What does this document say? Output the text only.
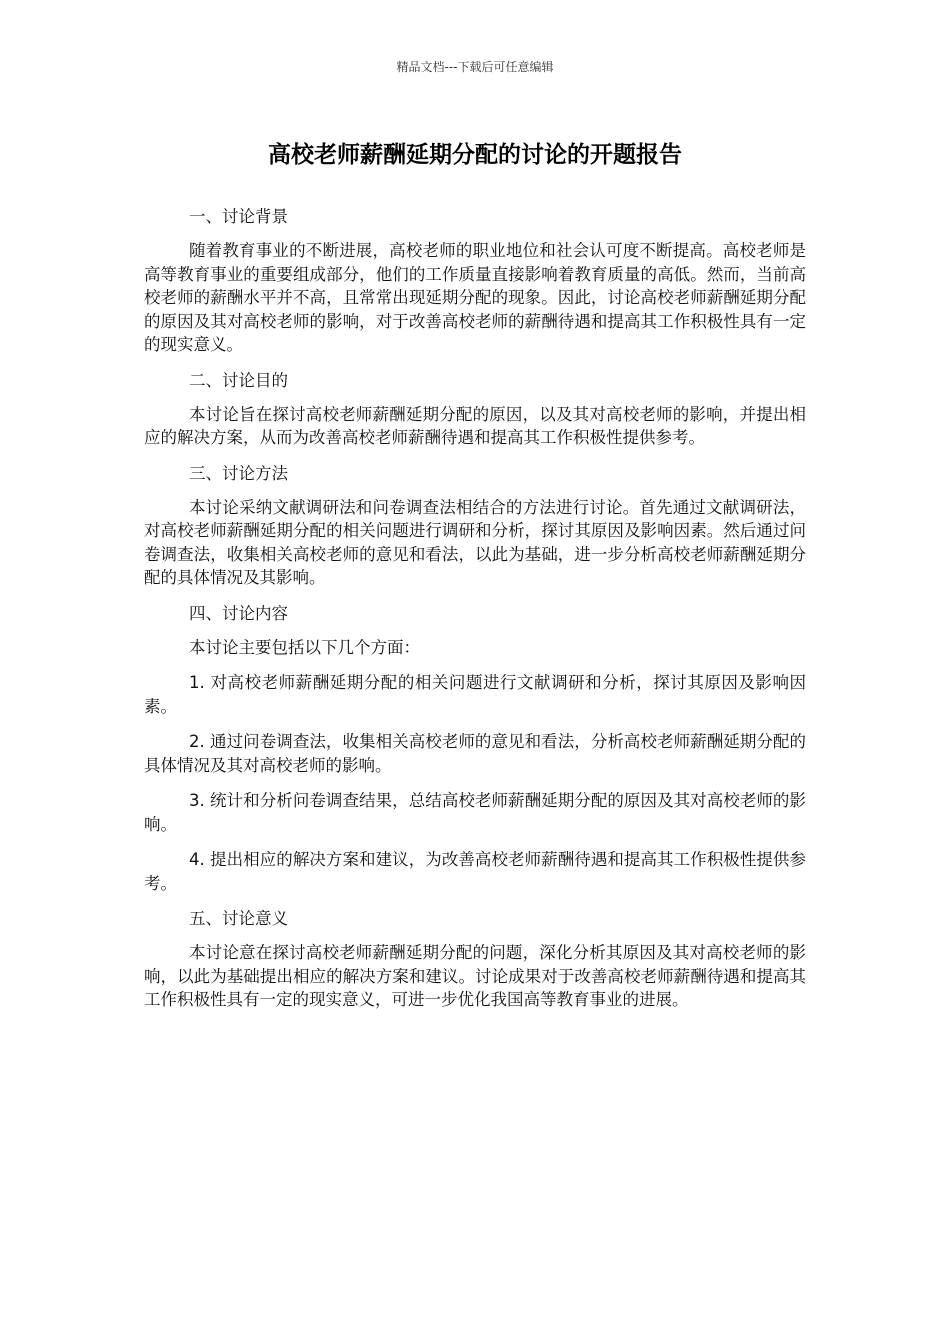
精品文档---下载后可任意编辑
高校老师薪酬延期分配的讨论的开题报告

一、讨论背景

随着教育事业的不断进展，高校老师的职业地位和社会认可度不断提高。高校老师是高等教育事业的重要组成部分，他们的工作质量直接影响着教育质量的高低。然而，当前高校老师的薪酬水平并不高，且常常出现延期分配的现象。因此，讨论高校老师薪酬延期分配的原因及其对高校老师的影响，对于改善高校老师的薪酬待遇和提高其工作积极性具有一定的现实意义。

二、讨论目的

本讨论旨在探讨高校老师薪酬延期分配的原因，以及其对高校老师的影响，并提出相应的解决方案，从而为改善高校老师薪酬待遇和提高其工作积极性提供参考。

三、讨论方法

本讨论采纳文献调研法和问卷调查法相结合的方法进行讨论。首先通过文献调研法，对高校老师薪酬延期分配的相关问题进行调研和分析，探讨其原因及影响因素。然后通过问卷调查法，收集相关高校老师的意见和看法，以此为基础，进一步分析高校老师薪酬延期分配的具体情况及其影响。

四、讨论内容

本讨论主要包括以下几个方面：

1. 对高校老师薪酬延期分配的相关问题进行文献调研和分析，探讨其原因及影响因素。

2. 通过问卷调查法，收集相关高校老师的意见和看法，分析高校老师薪酬延期分配的具体情况及其对高校老师的影响。

3. 统计和分析问卷调查结果，总结高校老师薪酬延期分配的原因及其对高校老师的影响。

4. 提出相应的解决方案和建议，为改善高校老师薪酬待遇和提高其工作积极性提供参考。

五、讨论意义

本讨论意在探讨高校老师薪酬延期分配的问题，深化分析其原因及其对高校老师的影响，以此为基础提出相应的解决方案和建议。讨论成果对于改善高校老师薪酬待遇和提高其工作积极性具有一定的现实意义，可进一步优化我国高等教育事业的进展。
